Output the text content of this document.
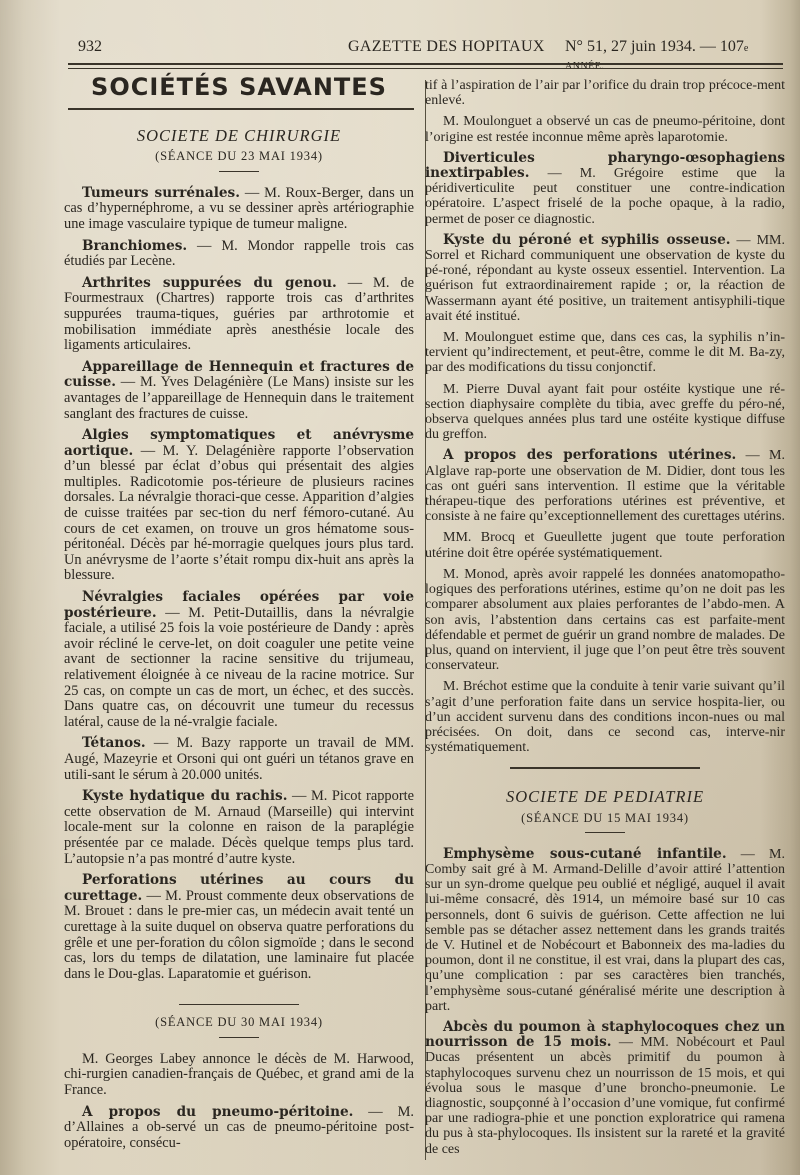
932	GAZETTE DES HOPITAUX N° 51, 27 juin 1934. — 107e ANNÉE.
SOCIÉTÉS SAVANTES
SOCIETE DE CHIRURGIE
(SÉANCE DU 23 MAI 1934)

Tumeurs surrénales. — M. Roux-Berger, dans un cas d’hypernéphrome, a vu se dessiner après artériographie une image vasculaire typique de tumeur maligne.

Branchiomes. — M. Mondor rappelle trois cas étudiés par Lecène.

Arthrites suppurées du genou. — M. de Fourmestraux (Chartres) rapporte trois cas d’arthrites suppurées trauma-tiques, guéries par arthrotomie et mobilisation immédiate après anesthésie locale des ligaments articulaires.

Appareillage de Hennequin et fractures de cuisse. — M. Yves Delagénière (Le Mans) insiste sur les avantages de l’appareillage de Hennequin dans le traitement sanglant des fractures de cuisse.

Algies symptomatiques et anévrysme aortique. — M. Y. Delagénière rapporte l’observation d’un blessé par éclat d’obus qui présentait des algies multiples. Radicotomie pos-térieure de plusieurs racines dorsales. La névralgie thoraci-que cesse. Apparition d’algies de cuisse traitées par sec-tion du nerf fémoro-cutané. Au cours de cet examen, on trouve un gros hématome sous-péritonéal. Décès par hé-morragie quelques jours plus tard. Un anévrysme de l’aorte s’était rompu dix-huit ans après la blessure.

Névralgies faciales opérées par voie postérieure. — M. Petit-Dutaillis, dans la névralgie faciale, a utilisé 25 fois la voie postérieure de Dandy : après avoir récliné le cerve-let, on doit coaguler une petite veine avant de sectionner la racine sensitive du trijumeau, relativement éloignée à ce niveau de la racine motrice. Sur 25 cas, on compte un cas de mort, un échec, et des succès. Dans quatre cas, on découvrit une tumeur du recessus latéral, cause de la né-vralgie faciale.

Tétanos. — M. Bazy rapporte un travail de MM. Augé, Mazeyrie et Orsoni qui ont guéri un tétanos grave en utili-sant le sérum à 20.000 unités.

Kyste hydatique du rachis. — M. Picot rapporte cette observation de M. Arnaud (Marseille) qui intervint locale-ment sur la colonne en raison de la paraplégie présentée par ce malade. Décès quelque temps plus tard. L’autopsie n’a pas montré d’autre kyste.

Perforations utérines au cours du curettage. — M. Proust commente deux observations de M. Brouet : dans le pre-mier cas, un médecin avait tenté un curettage à la suite duquel on observa quatre perforations du grêle et une per-foration du côlon sigmoïde ; dans le second cas, lors du temps de dilatation, une laminaire fut placée dans le Dou-glas. Laparatomie et guérison.

(SÉANCE DU 30 MAI 1934)

M. Georges Labey annonce le décès de M. Harwood, chi-rurgien canadien-français de Québec, et grand ami de la France.

A propos du pneumo-péritoine. — M. d’Allaines a ob-servé un cas de pneumo-péritoine post-opératoire, consécu-

tif à l’aspiration de l’air par l’orifice du drain trop précoce-ment enlevé.

M. Moulonguet a observé un cas de pneumo-péritoine, dont l’origine est restée inconnue même après laparotomie.

Diverticules pharyngo-œsophagiens inextirpables. — M. Grégoire estime que la péridiverticulite peut constituer une contre-indication opératoire. L’aspect friselé de la poche opaque, à la radio, permet de poser ce diagnostic.

Kyste du péroné et syphilis osseuse. — MM. Sorrel et Richard communiquent une observation de kyste du pé-roné, répondant au kyste osseux essentiel. Intervention. La guérison fut extraordinairement rapide ; or, la réaction de Wassermann ayant été positive, un traitement antisyphili-tique avait été institué.

M. Moulonguet estime que, dans ces cas, la syphilis n’in-tervient qu’indirectement, et peut-être, comme le dit M. Ba-zy, par des modifications du tissu conjonctif.

M. Pierre Duval ayant fait pour ostéite kystique une ré-section diaphysaire complète du tibia, avec greffe du péro-né, observa quelques années plus tard une ostéite kystique diffuse du greffon.

A propos des perforations utérines. — M. Alglave rap-porte une observation de M. Didier, dont tous les cas ont guéri sans intervention. Il estime que la véritable thérapeu-tique des perforations utérines est préventive, et consiste à ne faire qu’exceptionnellement des curettages utérins.

MM. Brocq et Gueullette jugent que toute perforation utérine doit être opérée systématiquement.

M. Monod, après avoir rappelé les données anatomopatho-logiques des perforations utérines, estime qu’on ne doit pas les comparer absolument aux plaies perforantes de l’abdo-men. A son avis, l’abstention dans certains cas est parfaite-ment défendable et permet de guérir un grand nombre de malades. De plus, quand on intervient, il juge que l’on peut être très souvent conservateur.

M. Bréchot estime que la conduite à tenir varie suivant qu’il s’agit d’une perforation faite dans un service hospita-lier, ou d’un accident survenu dans des conditions incon-nues ou mal précisées. On doit, dans ce second cas, interve-nir systématiquement.

SOCIETE DE PEDIATRIE
(SÉANCE DU 15 MAI 1934)

Emphysème sous-cutané infantile. — M. Comby sait gré à M. Armand-Delille d’avoir attiré l’attention sur un syn-drome quelque peu oublié et négligé, auquel il avait lui-même consacré, dès 1914, un mémoire basé sur 10 cas personnels, dont 6 suivis de guérison. Cette affection ne lui semble pas se détacher assez nettement dans les grands traités de V. Hutinel et de Nobécourt et Babonneix des ma-ladies du poumon, dont il ne constitue, il est vrai, dans la plupart des cas, qu’une complication : par ses caractères bien tranchés, l’emphysème sous-cutané généralisé mérite une description à part.

Abcès du poumon à staphylocoques chez un nourrisson de 15 mois. — MM. Nobécourt et Paul Ducas présentent un abcès primitif du poumon à staphylocoques survenu chez un nourrisson de 15 mois, et qui évolua sous le masque d’une broncho-pneumonie. Le diagnostic, soupçonné à l’occasion d’une vomique, fut confirmé par une radiogra-phie et une ponction exploratrice qui ramena du pus à sta-phylocoques. Ils insistent sur la rareté et la gravité de ces
